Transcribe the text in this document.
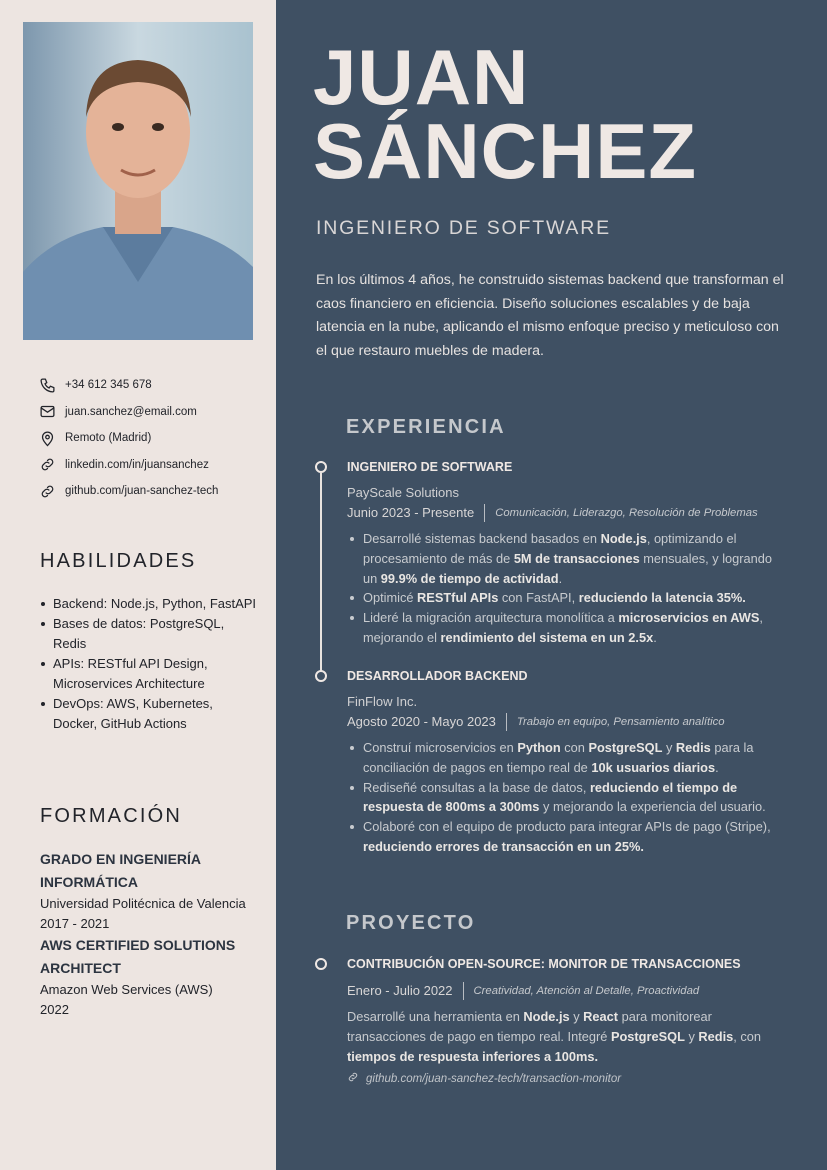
+34 612 345 678
juan.sanchez@email.com
Remoto (Madrid)
linkedin.com/in/juansanchez
github.com/juan-sanchez-tech
HABILIDADES
Backend: Node.js, Python, FastAPI
Bases de datos: PostgreSQL, Redis
APIs: RESTful API Design, Microservices Architecture
DevOps: AWS, Kubernetes, Docker, GitHub Actions
FORMACIÓN
GRADO EN INGENIERÍA INFORMÁTICA
Universidad Politécnica de Valencia
2017 - 2021
AWS CERTIFIED SOLUTIONS ARCHITECT
Amazon Web Services (AWS)
2022
JUAN
SÁNCHEZ
INGENIERO DE SOFTWARE

En los últimos 4 años, he construido sistemas backend que transforman el caos financiero en eficiencia. Diseño soluciones escalables y de baja latencia en la nube, aplicando el mismo enfoque preciso y meticuloso con el que restauro muebles de madera.

EXPERIENCIA
INGENIERO DE SOFTWARE
PayScale Solutions
Junio 2023 - Presente Comunicación, Liderazgo, Resolución de Problemas
Desarrollé sistemas backend basados en Node.js, optimizando el procesamiento de más de 5M de transacciones mensuales, y logrando un 99.9% de tiempo de actividad.
Optimicé RESTful APIs con FastAPI, reduciendo la latencia 35%.
Lideré la migración arquitectura monolítica a microservicios en AWS, mejorando el rendimiento del sistema en un 2.5x.
DESARROLLADOR BACKEND
FinFlow Inc.
Agosto 2020 - Mayo 2023 Trabajo en equipo, Pensamiento analítico
Construí microservicios en Python con PostgreSQL y Redis para la conciliación de pagos en tiempo real de 10k usuarios diarios.
Rediseñé consultas a la base de datos, reduciendo el tiempo de respuesta de 800ms a 300ms y mejorando la experiencia del usuario.
Colaboré con el equipo de producto para integrar APIs de pago (Stripe), reduciendo errores de transacción en un 25%.
PROYECTO
CONTRIBUCIÓN OPEN-SOURCE: MONITOR DE TRANSACCIONES
Enero - Julio 2022 Creatividad, Atención al Detalle, Proactividad

Desarrollé una herramienta en Node.js y React para monitorear transacciones de pago en tiempo real. Integré PostgreSQL y Redis, con tiempos de respuesta inferiores a 100ms.

github.com/juan-sanchez-tech/transaction-monitor
